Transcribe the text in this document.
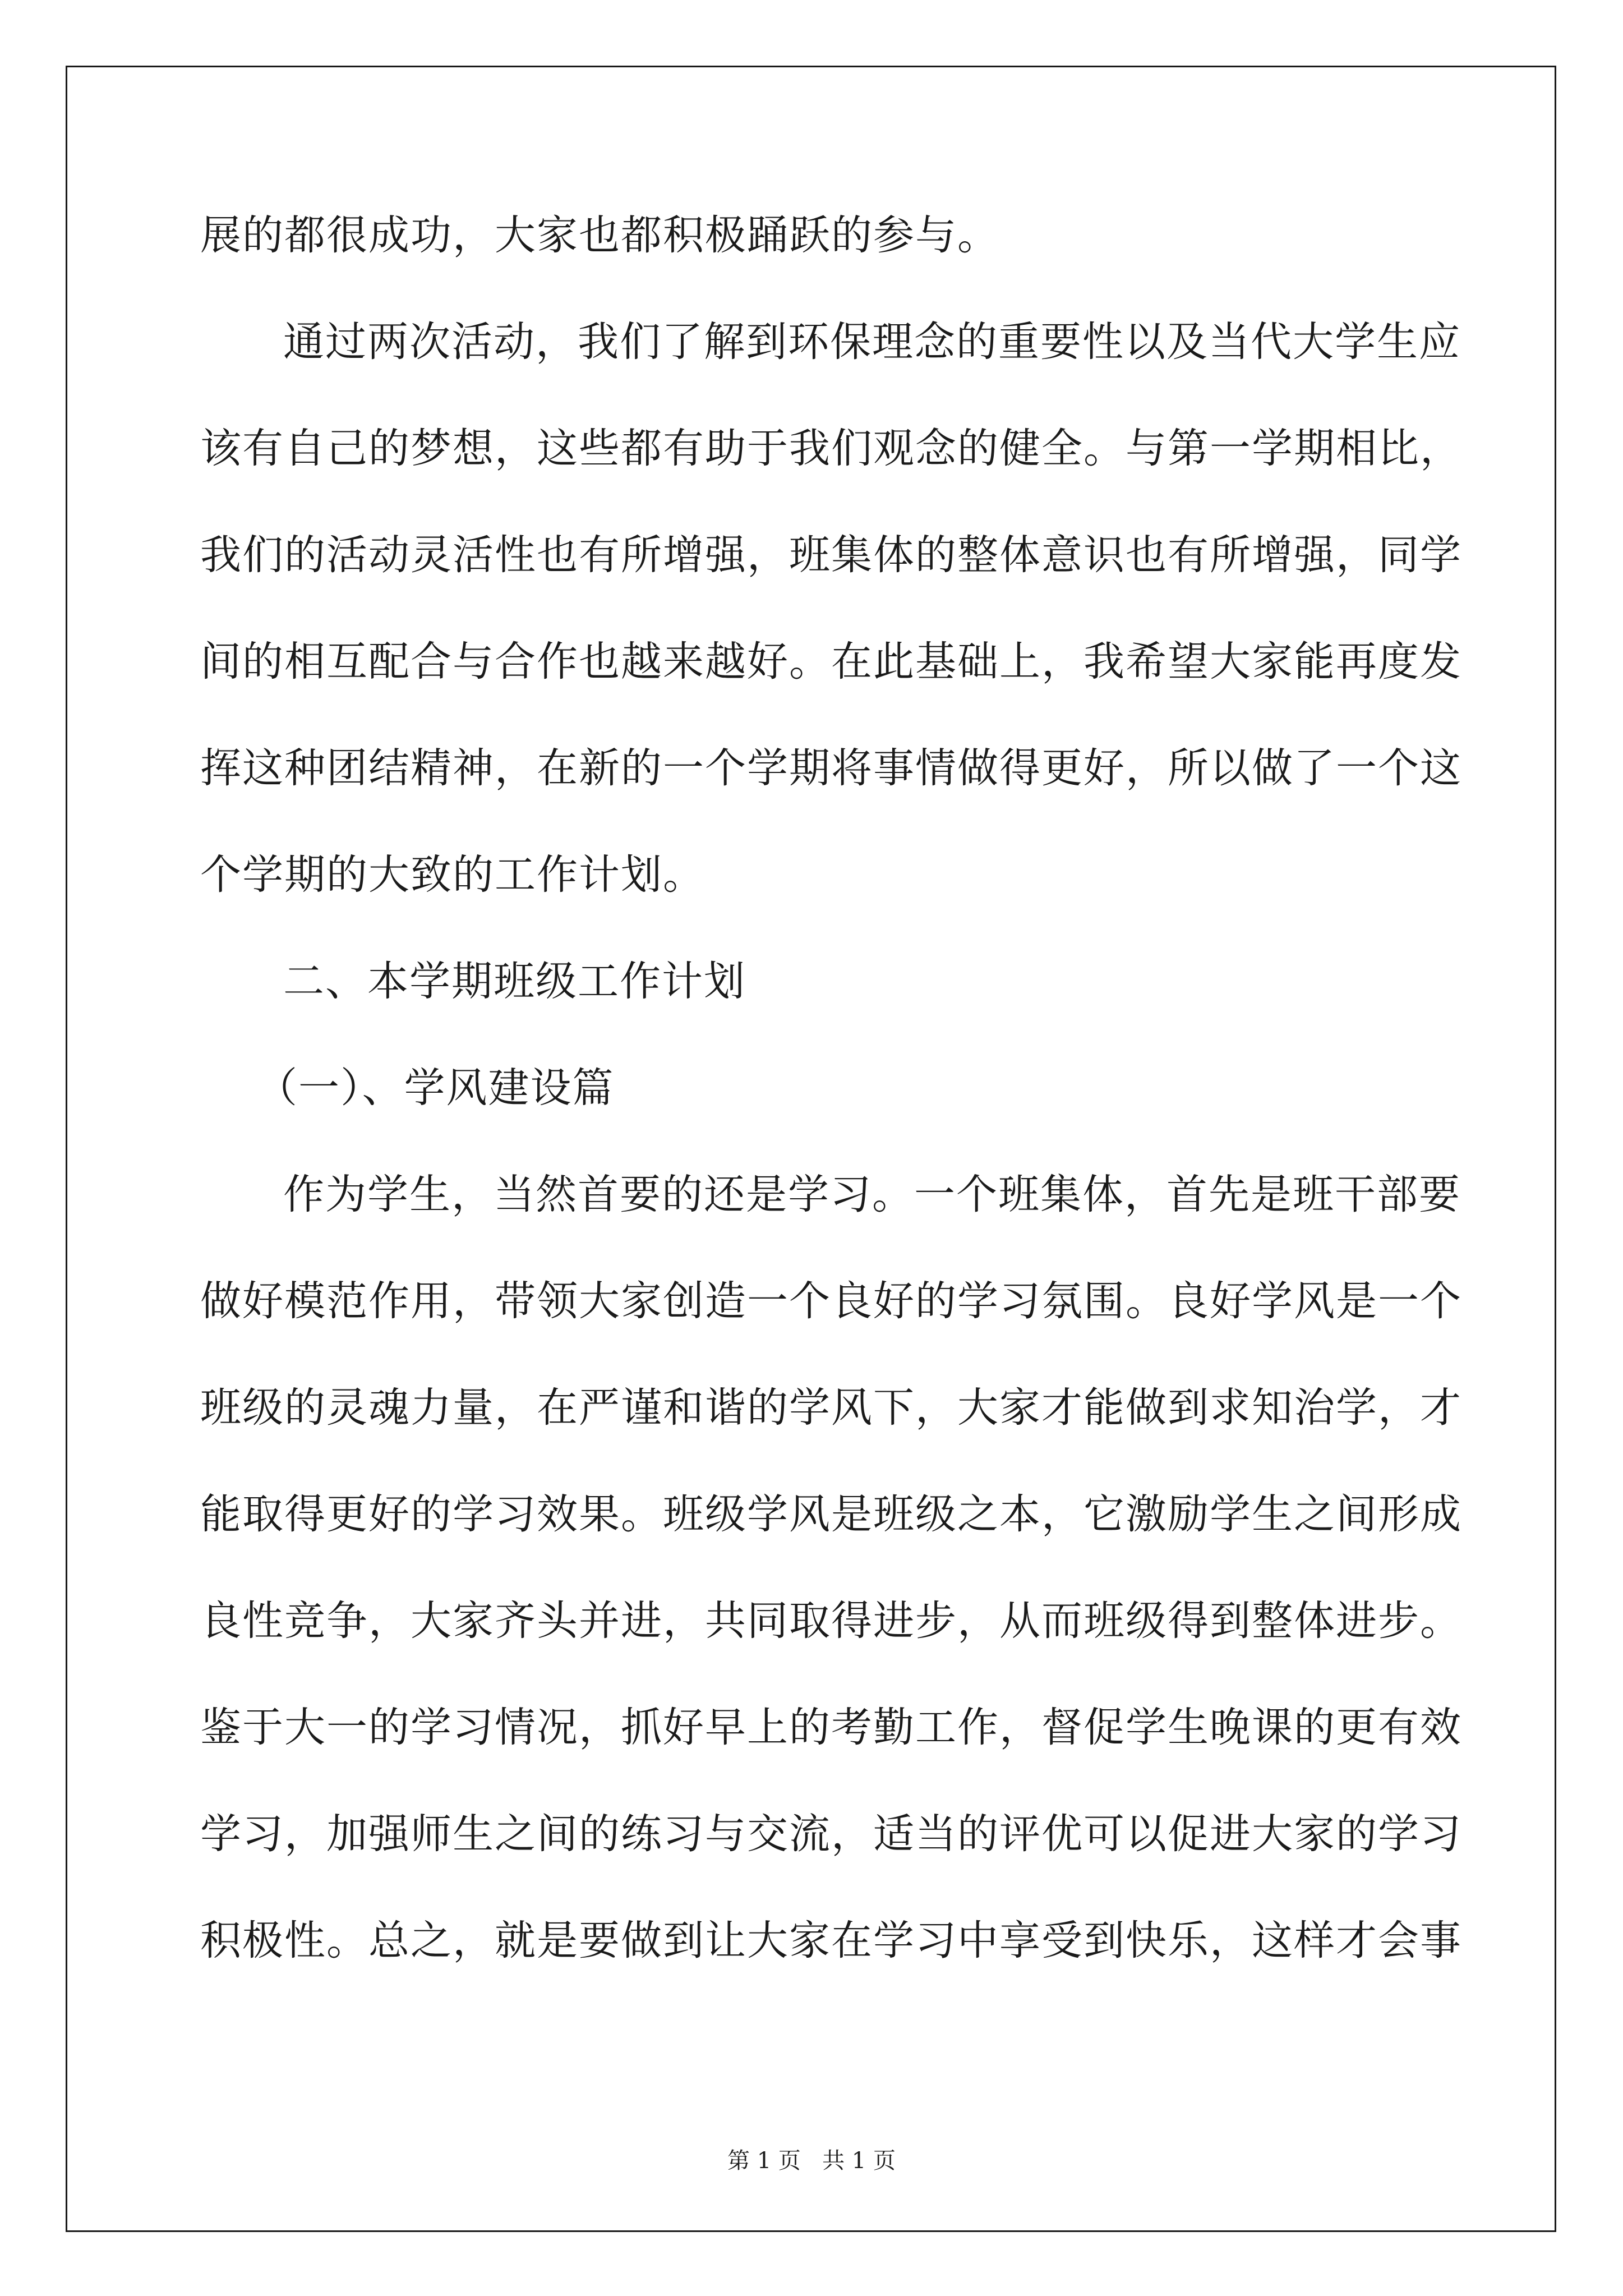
展的都很成功，大家也都积极踊跃的参与。
通过两次活动，我们了解到环保理念的重要性以及当代大学生应
该有自己的梦想，这些都有助于我们观念的健全。与第一学期相比，
我们的活动灵活性也有所增强，班集体的整体意识也有所增强，同学
间的相互配合与合作也越来越好。在此基础上，我希望大家能再度发
挥这种团结精神，在新的一个学期将事情做得更好，所以做了一个这
个学期的大致的工作计划。
二、本学期班级工作计划
（一）、学风建设篇
作为学生，当然首要的还是学习。一个班集体，首先是班干部要
做好模范作用，带领大家创造一个良好的学习氛围。良好学风是一个
班级的灵魂力量，在严谨和谐的学风下，大家才能做到求知治学，才
能取得更好的学习效果。班级学风是班级之本，它激励学生之间形成
良性竞争，大家齐头并进，共同取得进步，从而班级得到整体进步。
鉴于大一的学习情况，抓好早上的考勤工作，督促学生晚课的更有效
学习，加强师生之间的练习与交流，适当的评优可以促进大家的学习
积极性。总之，就是要做到让大家在学习中享受到快乐，这样才会事
第 1 页   共 1 页
